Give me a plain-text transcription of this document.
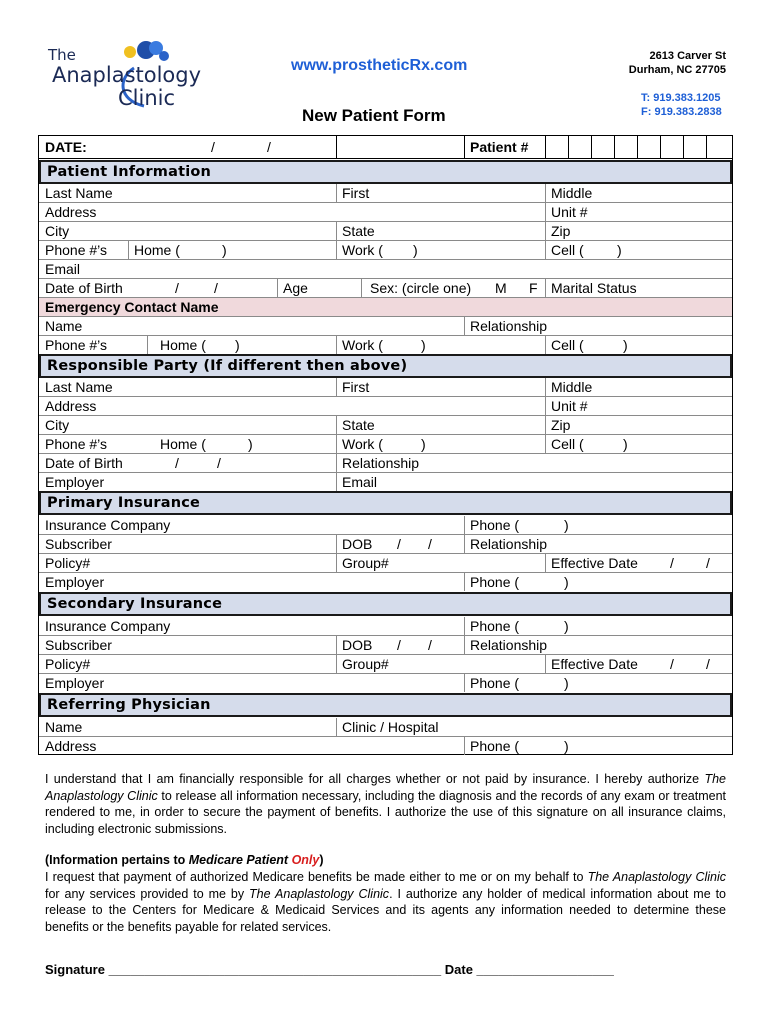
The
Anaplastology
Clinic
www.prostheticRx.com
New Patient Form
2613 Carver St
Durham, NC 27705
T: 919.383.1205
F: 919.383.2838
DATE:	/	/	Patient #
Patient Information
Last Name	First	Middle
Address	Unit #
City	State	Zip
Phone #’s	Home (	)	Work (	)	Cell (	)
Email
Date of Birth	/	/	Age	Sex: (circle one)	M	F Marital Status
Emergency Contact Name
Name	Relationship
Phone #’s	Home (	)	Work (	)	Cell (	)
Responsible Party (If different then above)
Last Name	First	Middle
Address	Unit #
City	State	Zip
Phone #’s	Home (	)	Work (	)	Cell (	)
Date of Birth	/	/	Relationship
Employer	Email
Primary Insurance
Insurance Company	Phone (	)
Subscriber	DOB	/	/	Relationship
Policy#	Group#	Effective Date	/	/
Employer	Phone (	)
Secondary Insurance
Insurance Company	Phone (	)
Subscriber	DOB	/	/	Relationship
Policy#	Group#	Effective Date	/	/
Employer	Phone (	)
Referring Physician
Name	Clinic / Hospital
Address	Phone (	)
I understand that I am financially responsible for all charges whether or not paid by insurance. I hereby authorize The Anaplastology Clinic to release all information necessary, including the diagnosis and the records of any exam or treatment rendered to me, in order to secure the payment of benefits. I authorize the use of this signature on all insurance claims, including electronic submissions.
(Information pertains to Medicare Patient Only)
I request that payment of authorized Medicare benefits be made either to me or on my behalf to The Anaplastology Clinic for any services provided to me by The Anaplastology Clinic. I authorize any holder of medical information about me to release to the Centers for Medicare & Medicaid Services and its agents any information needed to determine these benefits or the benefits payable for related services.
Signature ______________________________________________ Date ___________________
